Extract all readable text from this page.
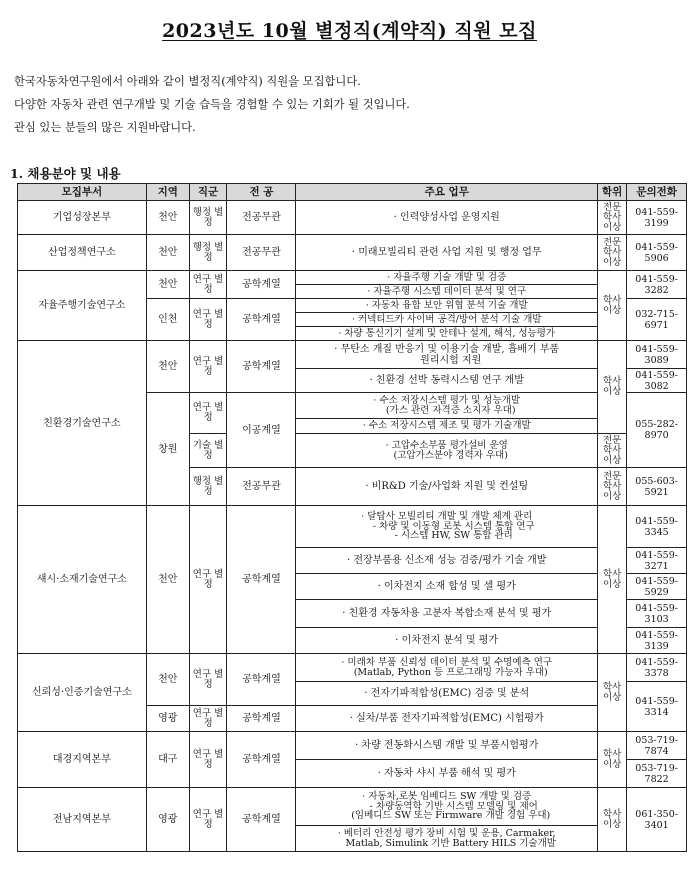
2023년도 10월 별정직(계약직) 직원 모집
한국자동차연구원에서 아래와 같이 별정직(계약직) 직원을 모집합니다.
다양한 자동차 관련 연구개발 및 기술 습득을 경험할 수 있는 기회가 될 것입니다.
관심 있는 분들의 많은 지원바랍니다.
1. 채용분야 및 내용
모집부서	지역	직군	전 공	주요 업무	학위	문의전화
기업성장본부	천안	행정 별정	전공무관	· 인력양성사업 운영지원	전문 학사 이상	041-559-3199
산업정책연구소	천안	행정 별정	전공무관	· 미래모빌리티 관련 사업 지원 및 행정 업무	전문 학사 이상	041-559-5906
자율주행기술연구소	천안	연구 별정	공학계열	· 자율주행 기술 개발 및 검증	학사 이상	041-559-3282
				· 자율주행 시스템 데이터 분석 및 연구		
	인천	연구 별정	공학계열	· 자동차 융합 보안 위협 분석 기술 개발		032-715-6971
				· 커넥티드카 사이버 공격/방어 분석 기술 개발		
				· 차량 통신기기 설계 및 안테나 설계, 해석, 성능평가		
친환경기술연구소	천안	연구 별정	공학계열	· 무탄소 개질 반응기 및 이용기술 개발, 흡배기 부품
원리시험 지원	학사 이상	041-559-3089
				· 친환경 선박 동력시스템 연구 개발		041-559-3082
	창원	연구 별정	이공계열	· 수소 저장시스템 평가 및 성능개발
(가스 관련 자격증 소지자 우대)		055-282-8970
				· 수소 저장시스템 제조 및 평가 기술개발		
		기술 별정		· 고압수소부품 평가설비 운영
(고압가스분야 경력자 우대)	전문 학사 이상	
		행정 별정	전공무관	· 비R&D 기술/사업화 지원 및 컨설팅	전문 학사 이상	055-603-5921
섀시·소재기술연구소	천안	연구 별정	공학계열	· 달탑사 모빌리티 개발 및 개발 체계 관리
- 차량 및 이동형 로봇 시스템 통합 연구
- 시스템 HW, SW 통합 관리	학사 이상	041-559-3345
				· 전장부품용 신소재 성능 검증/평가 기술 개발		041-559-3271
				· 이차전지 소재 합성 및 셀 평가		041-559-5929
				· 친환경 자동차용 고분자 복합소재 분석 및 평가		041-559-3103
				· 이차전지 분석 및 평가		041-559-3139
신뢰성·인증기술연구소	천안	연구 별정	공학계열	· 미래차 부품 신뢰성 데이터 분석 및 수명예측 연구
(Matlab, Python 등 프로그래밍 가능자 우대)	학사 이상	041-559-3378
				· 전자기파적합성(EMC) 검증 및 분석		041-559-3314
	영광	연구 별정	공학계열	· 실차/부품 전자기파적합성(EMC) 시험평가		
대경지역본부	대구	연구 별정	공학계열	· 차량 전동화시스템 개발 및 부품시험평가	학사 이상	053-719-7874
				· 자동차 샤시 부품 해석 및 평가		053-719-7822
전남지역본부	영광	연구 별정	공학계열	· 자동차,로봇 임베디드 SW 개발 및 검증
- 차량동역학 기반 시스템 모델링 및 제어
(임베디드 SW 또는 Firmware 개발 경험 우대)	학사 이상	061-350-3401
				· 베터리 안전성 평가 장비 시험 및 운용, Carmaker,
Matlab, Simulink 기반 Battery HILS 기술개발		
